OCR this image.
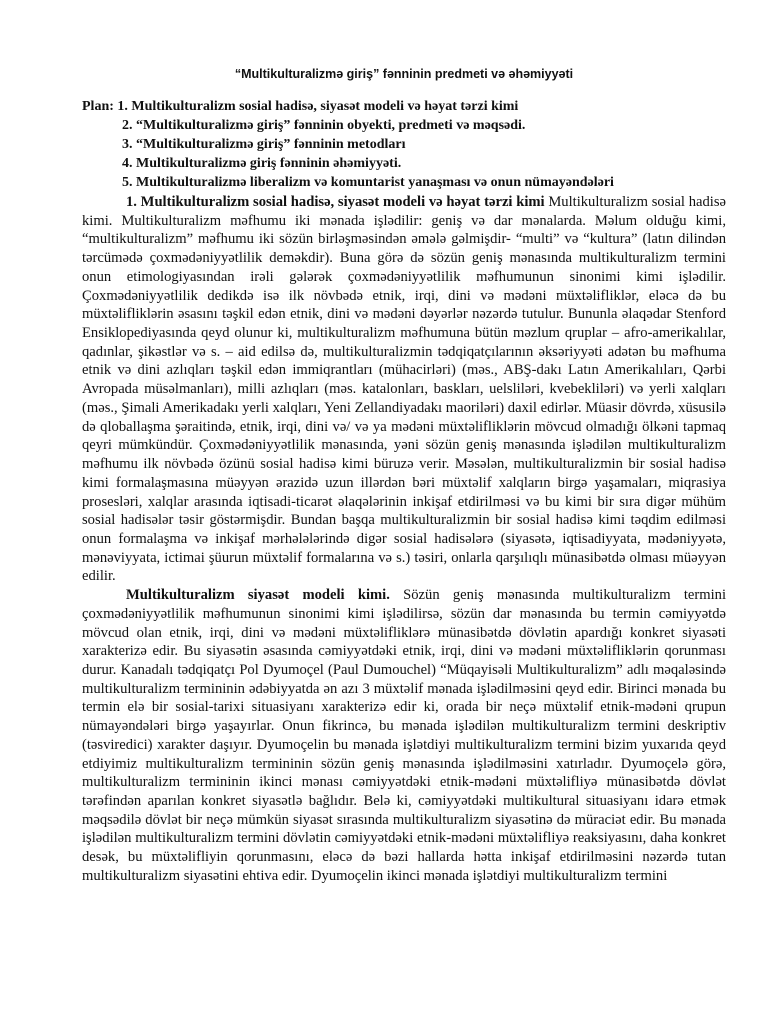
“Multikulturalizmə giriş” fənninin predmeti və əhəmiyyəti
Plan: 1. Multikulturalizm sosial hadisə, siyasət modeli və həyat tərzi kimi
2. “Multikulturalizmə giriş” fənninin obyekti, predmeti və məqsədi.
3. “Multikulturalizmə giriş” fənninin metodları
4. Multikulturalizmə giriş fənninin əhəmiyyəti.
5. Multikulturalizmə liberalizm və komuntarist yanaşması və onun nümayəndələri

1. Multikulturalizm sosial hadisə, siyasət modeli və həyat tərzi kimi Multikulturalizm sosial hadisə kimi. Multikulturalizm məfhumu iki mənada işlədilir: geniş və dar mənalarda. Məlum olduğu kimi, “multikulturalizm” məfhumu iki sözün birləşməsindən əmələ gəlmişdir- “multi” və “kultura” (latın dilindən tərcümədə çoxmədəniyyətlilik deməkdir). Buna görə də sözün geniş mənasında multikulturalizm termini onun etimologiyasından irəli gələrək çoxmədəniyyətlilik məfhumunun sinonimi kimi işlədilir. Çoxmədəniyyətlilik dedikdə isə ilk növbədə etnik, irqi, dini və mədəni müxtəlifliklər, eləcə də bu müxtəlifliklərin əsasını təşkil edən etnik, dini və mədəni dəyərlər nəzərdə tutulur. Bununla əlaqədar Stenford Ensiklopediyasında qeyd olunur ki, multikulturalizm məfhumuna bütün məzlum qruplar – afro-amerikalılar, qadınlar, şikəstlər və s. – aid edilsə də, multikulturalizmin tədqiqatçılarının əksəriyyəti adətən bu məfhuma etnik və dini azlıqları təşkil edən immiqrantları (mühacirləri) (məs., ABŞ-dakı Latın Amerikalıları, Qərbi Avropada müsəlmanları), milli azlıqları (məs. katalonları, baskları, uelsliləri, kvebekliləri) və yerli xalqları (məs., Şimali Amerikadakı yerli xalqları, Yeni Zellandiyadakı maoriləri) daxil edirlər. Müasir dövrdə, xüsusilə də qloballaşma şəraitində, etnik, irqi, dini və/ və ya mədəni müxtəlifliklərin mövcud olmadığı ölkəni tapmaq qeyri mümkündür. Çoxmədəniyyətlilik mənasında, yəni sözün geniş mənasında işlədilən multikulturalizm məfhumu ilk növbədə özünü sosial hadisə kimi büruzə verir. Məsələn, multikulturalizmin bir sosial hadisə kimi formalaşmasına müəyyən ərazidə uzun illərdən bəri müxtəlif xalqların birgə yaşamaları, miqrasiya prosesləri, xalqlar arasında iqtisadi-ticarət əlaqələrinin inkişaf etdirilməsi və bu kimi bir sıra digər mühüm sosial hadisələr təsir göstərmişdir. Bundan başqa multikulturalizmin bir sosial hadisə kimi təqdim edilməsi onun formalaşma və inkişaf mərhələlərində digər sosial hadisələrə (siyasətə, iqtisadiyyata, mədəniyyətə, mənəviyyata, ictimai şüurun müxtəlif formalarına və s.) təsiri, onlarla qarşılıqlı münasibətdə olması müəyyən edilir.

Multikulturalizm siyasət modeli kimi. Sözün geniş mənasında multikulturalizm termini çoxmədəniyyətlilik məfhumunun sinonimi kimi işlədilirsə, sözün dar mənasında bu termin cəmiyyətdə mövcud olan etnik, irqi, dini və mədəni müxtəlifliklərə münasibətdə dövlətin apardığı konkret siyasəti xarakterizə edir. Bu siyasətin əsasında cəmiyyətdəki etnik, irqi, dini və mədəni müxtəlifliklərin qorunması durur. Kanadalı tədqiqatçı Pol Dyumoçel (Paul Dumouchel) “Müqayisəli Multikulturalizm” adlı məqaləsində multikulturalizm termininin ədəbiyyatda ən azı 3 müxtəlif mənada işlədilməsini qeyd edir. Birinci mənada bu termin elə bir sosial-tarixi situasiyanı xarakterizə edir ki, orada bir neçə müxtəlif etnik-mədəni qrupun nümayəndələri birgə yaşayırlar. Onun fikrincə, bu mənada işlədilən multikulturalizm termini deskriptiv (təsviredici) xarakter daşıyır. Dyumoçelin bu mənada işlətdiyi multikulturalizm termini bizim yuxarıda qeyd etdiyimiz multikulturalizm termininin sözün geniş mənasında işlədilməsini xatırladır. Dyumoçelə görə, multikulturalizm termininin ikinci mənası cəmiyyətdəki etnik-mədəni müxtəlifliyə münasibətdə dövlət tərəfindən aparılan konkret siyasətlə bağlıdır. Belə ki, cəmiyyətdəki multikultural situasiyanı idarə etmək məqsədilə dövlət bir neçə mümkün siyasət sırasında multikulturalizm siyasətinə də müraciət edir. Bu mənada işlədilən multikulturalizm termini dövlətin cəmiyyətdəki etnik-mədəni müxtəlifliyə reaksiyasını, daha konkret desək, bu müxtəlifliyin qorunmasını, eləcə də bəzi hallarda hətta inkişaf etdirilməsini nəzərdə tutan multikulturalizm siyasətini ehtiva edir. Dyumoçelin ikinci mənada işlətdiyi multikulturalizm termini
